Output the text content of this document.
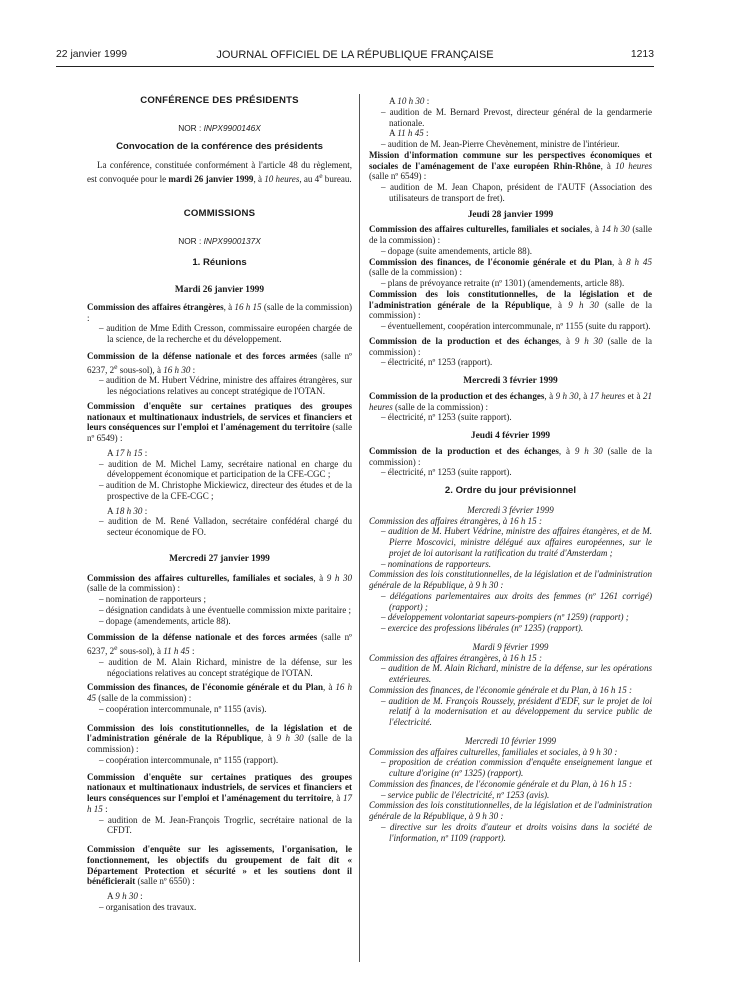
22 janvier 1999	JOURNAL OFFICIEL DE LA RÉPUBLIQUE FRANÇAISE	1213

CONFÉRENCE DES PRÉSIDENTS

NOR : INPX9900146X

Convocation de la conférence des présidents

La conférence, constituée conformément à l'article 48 du règlement, est convoquée pour le mardi 26 janvier 1999, à 10 heures, au 4e bureau.

COMMISSIONS

NOR : INPX9900137X

1. Réunions

Mardi 26 janvier 1999

Commission des affaires étrangères, à 16 h 15 (salle de la commission) :

– audition de Mme Edith Cresson, commissaire européen chargée de la science, de la recherche et du développement.

Commission de la défense nationale et des forces armées (salle nº 6237, 2e sous-sol), à 16 h 30 :

– audition de M. Hubert Védrine, ministre des affaires étrangères, sur les négociations relatives au concept stratégique de l'OTAN.

Commission d'enquête sur certaines pratiques des groupes nationaux et multinationaux industriels, de services et financiers et leurs conséquences sur l'emploi et l'aménagement du territoire (salle nº 6549) :

A 17 h 15 :

– audition de M. Michel Lamy, secrétaire national en charge du développement économique et participation de la CFE-CGC ;

– audition de M. Christophe Mickiewicz, directeur des études et de la prospective de la CFE-CGC ;

A 18 h 30 :

– audition de M. René Valladon, secrétaire confédéral chargé du secteur économique de FO.

Mercredi 27 janvier 1999

Commission des affaires culturelles, familiales et sociales, à 9 h 30 (salle de la commission) :

– nomination de rapporteurs ;

– désignation candidats à une éventuelle commission mixte paritaire ;

– dopage (amendements, article 88).

Commission de la défense nationale et des forces armées (salle nº 6237, 2e sous-sol), à 11 h 45 :

– audition de M. Alain Richard, ministre de la défense, sur les négociations relatives au concept stratégique de l'OTAN.

Commission des finances, de l'économie générale et du Plan, à 16 h 45 (salle de la commission) :

– coopération intercommunale, nº 1155 (avis).

Commission des lois constitutionnelles, de la législation et de l'administration générale de la République, à 9 h 30 (salle de la commission) :

– coopération intercommunale, nº 1155 (rapport).

Commission d'enquête sur certaines pratiques des groupes nationaux et multinationaux industriels, de services et financiers et leurs conséquences sur l'emploi et l'aménagement du territoire, à 17 h 15 :

– audition de M. Jean-François Trogrlic, secrétaire national de la CFDT.

Commission d'enquête sur les agissements, l'organisation, le fonctionnement, les objectifs du groupement de fait dit « Département Protection et sécurité » et les soutiens dont il bénéficierait (salle nº 6550) :

A 9 h 30 :

– organisation des travaux.

A 10 h 30 :

– audition de M. Bernard Prevost, directeur général de la gendarmerie nationale.

A 11 h 45 :

– audition de M. Jean-Pierre Chevènement, ministre de l'intérieur.

Mission d'information commune sur les perspectives économiques et sociales de l'aménagement de l'axe européen Rhin-Rhône, à 10 heures (salle nº 6549) :

– audition de M. Jean Chapon, président de l'AUTF (Association des utilisateurs de transport de fret).

Jeudi 28 janvier 1999

Commission des affaires culturelles, familiales et sociales, à 14 h 30 (salle de la commission) :

– dopage (suite amendements, article 88).

Commission des finances, de l'économie générale et du Plan, à 8 h 45 (salle de la commission) :

– plans de prévoyance retraite (nº 1301) (amendements, article 88).

Commission des lois constitutionnelles, de la législation et de l'administration générale de la République, à 9 h 30 (salle de la commission) :

– éventuellement, coopération intercommunale, nº 1155 (suite du rapport).

Commission de la production et des échanges, à 9 h 30 (salle de la commission) :

– électricité, nº 1253 (rapport).

Mercredi 3 février 1999

Commission de la production et des échanges, à 9 h 30, à 17 heures et à 21 heures (salle de la commission) :

– électricité, nº 1253 (suite rapport).

Jeudi 4 février 1999

Commission de la production et des échanges, à 9 h 30 (salle de la commission) :

– électricité, nº 1253 (suite rapport).

2. Ordre du jour prévisionnel

Mercredi 3 février 1999

Commission des affaires étrangères, à 16 h 15 :

– audition de M. Hubert Védrine, ministre des affaires étangères, et de M. Pierre Moscovici, ministre délégué aux affaires européennes, sur le projet de loi autorisant la ratification du traité d'Amsterdam ;

– nominations de rapporteurs.

Commission des lois constitutionnelles, de la législation et de l'administration générale de la République, à 9 h 30 :

– délégations parlementaires aux droits des femmes (nº 1261 corrigé) (rapport) ;

– développement volontariat sapeurs-pompiers (nº 1259) (rapport) ;

– exercice des professions libérales (nº 1235) (rapport).

Mardi 9 février 1999

Commission des affaires étrangères, à 16 h 15 :

– audition de M. Alain Richard, ministre de la défense, sur les opérations extérieures.

Commission des finances, de l'économie générale et du Plan, à 16 h 15 :

– audition de M. François Roussely, président d'EDF, sur le projet de loi relatif à la modernisation et au développement du service public de l'électricité.

Mercredi 10 février 1999

Commission des affaires culturelles, familiales et sociales, à 9 h 30 :

– proposition de création commission d'enquête enseignement langue et culture d'origine (nº 1325) (rapport).

Commission des finances, de l'économie générale et du Plan, à 16 h 15 :

– service public de l'électricité, nº 1253 (avis).

Commission des lois constitutionnelles, de la législation et de l'administration générale de la République, à 9 h 30 :

– directive sur les droits d'auteur et droits voisins dans la société de l'information, nº 1109 (rapport).
